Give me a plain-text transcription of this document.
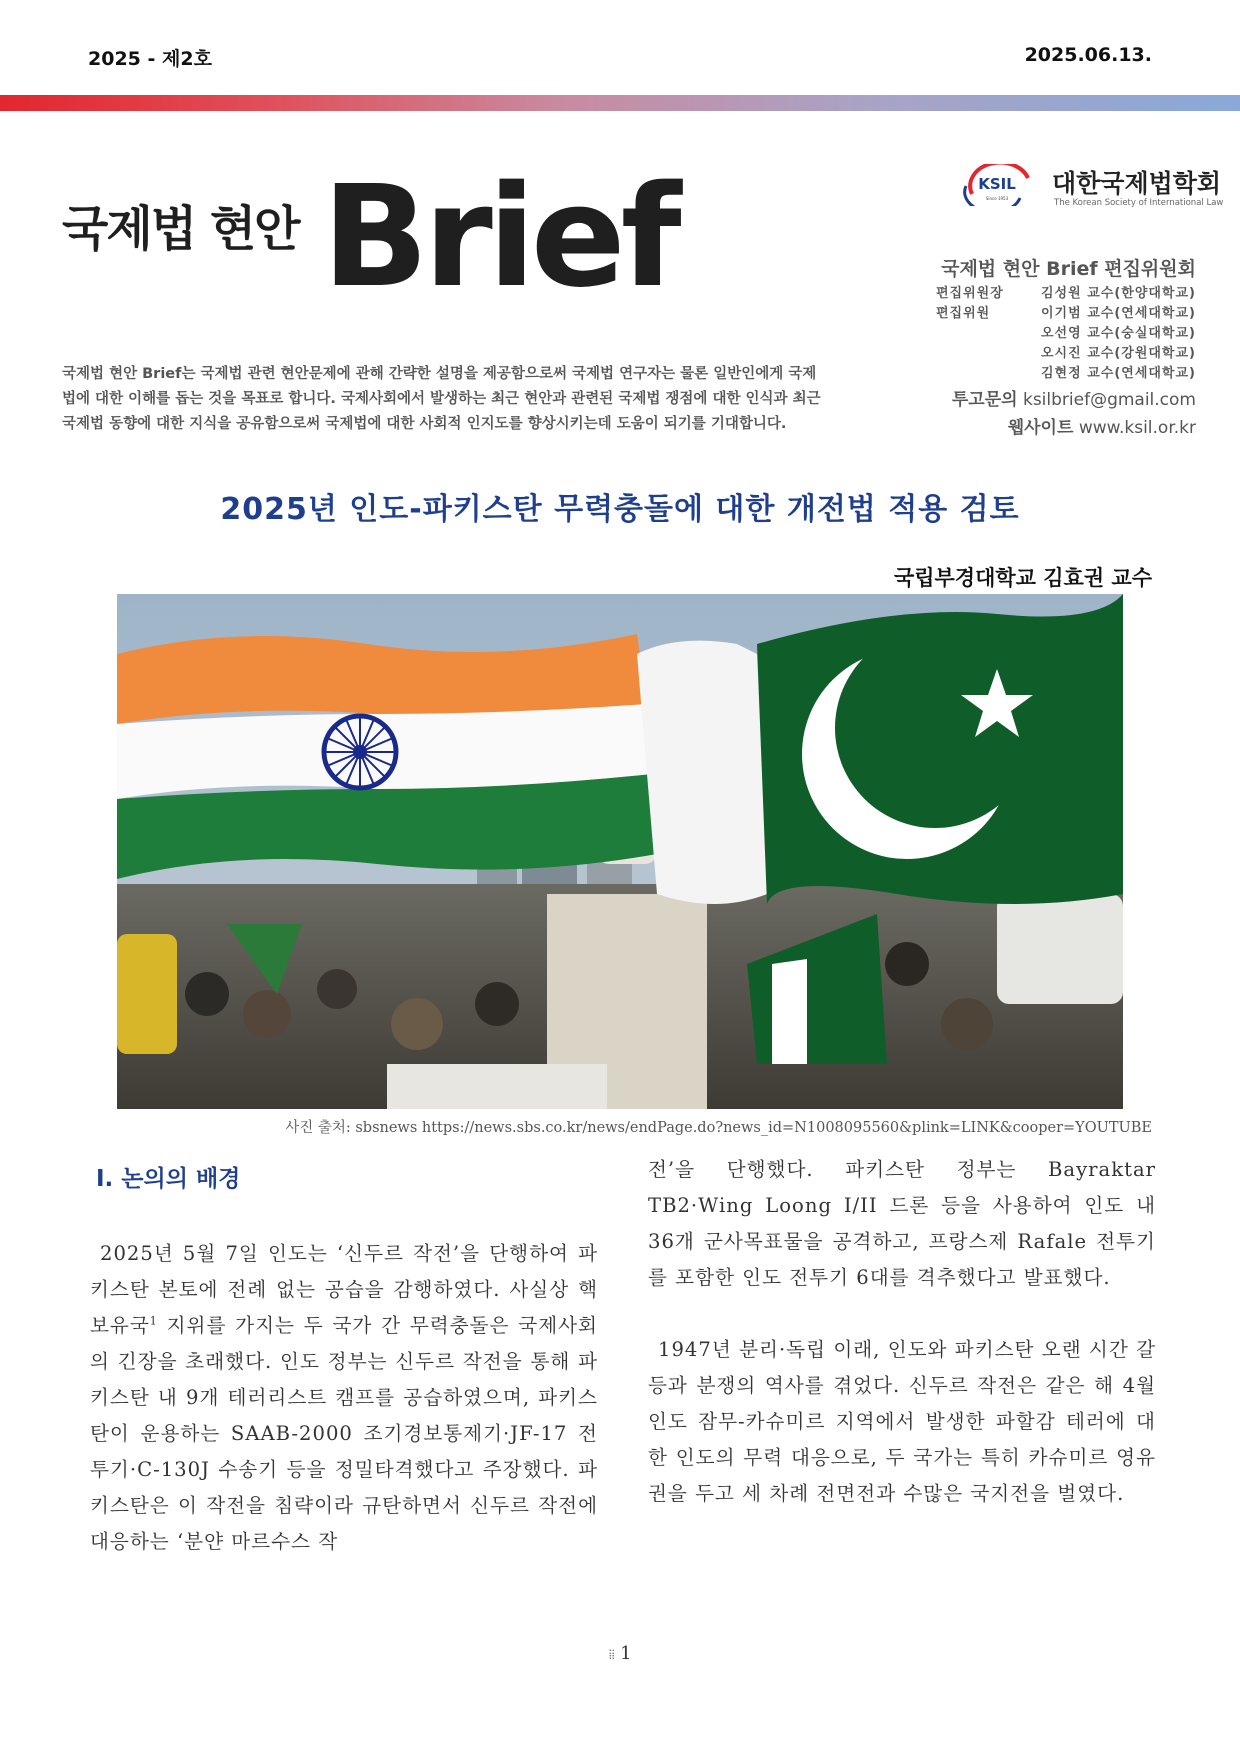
2025 - 제2호	2025.06.13.
국제법 현안 Brief
국제법 현안 Brief는 국제법 관련 현안문제에 관해 간략한 설명을 제공함으로써 국제법 연구자는 물론 일반인에게 국제법에 대한 이해를 돕는 것을 목표로 합니다. 국제사회에서 발생하는 최근 현안과 관련된 국제법 쟁점에 대한 인식과 최근 국제법 동향에 대한 지식을 공유함으로써 국제법에 대한 사회적 인지도를 향상시키는데 도움이 되기를 기대합니다.
KSIL
Since 1953
대한국제법학회
The Korean Society of International Law
국제법 현안 Brief 편집위원회
편집위원장	김성원 교수(한양대학교)
편집위원	이기범 교수(연세대학교)
오선영 교수(숭실대학교)
오시진 교수(강원대학교)
김현정 교수(연세대학교)
투고문의 ksilbrief@gmail.com
웹사이트 www.ksil.or.kr
2025년 인도-파키스탄 무력충돌에 대한 개전법 적용 검토
국립부경대학교 김효권 교수
사진 출처: sbsnews https://news.sbs.co.kr/news/endPage.do?news_id=N1008095560&plink=LINK&cooper=YOUTUBE
Ⅰ. 논의의 배경

2025년 5월 7일 인도는 ‘신두르 작전’을 단행하여 파키스탄 본토에 전례 없는 공습을 감행하였다. 사실상 핵보유국$^1$ 지위를 가지는 두 국가 간 무력충돌은 국제사회의 긴장을 초래했다. 인도 정부는 신두르 작전을 통해 파키스탄 내 9개 테러리스트 캠프를 공습하였으며, 파키스탄이 운용하는 SAAB-2000 조기경보통제기·JF-17 전투기·C-130J 수송기 등을 정밀타격했다고 주장했다. 파키스탄은 이 작전을 침략이라 규탄하면서 신두르 작전에 대응하는 ‘분얀 마르수스 작

전’을 단행했다. 파키스탄 정부는 Bayraktar TB2·Wing Loong I/II 드론 등을 사용하여 인도 내 36개 군사목표물을 공격하고, 프랑스제 Rafale 전투기를 포함한 인도 전투기 6대를 격추했다고 발표했다.

1947년 분리·독립 이래, 인도와 파키스탄 오랜 시간 갈등과 분쟁의 역사를 겪었다. 신두르 작전은 같은 해 4월 인도 잠무-카슈미르 지역에서 발생한 파할감 테러에 대한 인도의 무력 대응으로, 두 국가는 특히 카슈미르 영유권을 두고 세 차례 전면전과 수많은 국지전을 벌였다.

⁞⁞ 1
